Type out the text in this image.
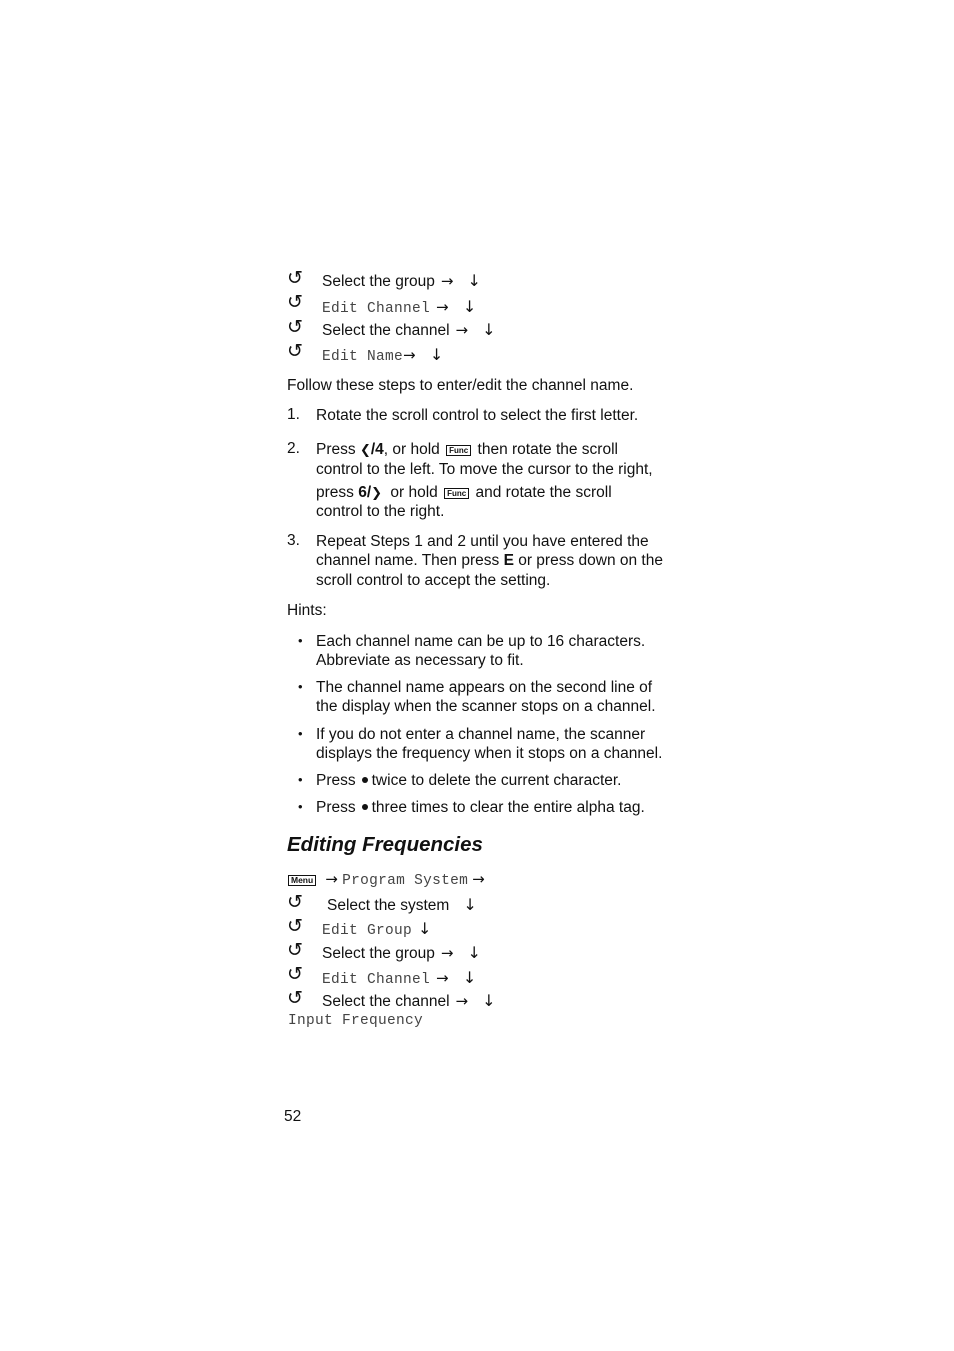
↺ Select the group → ↓
↺ Edit Channel → ↓
↺ Select the channel → ↓
↺ Edit Name→ ↓
Follow these steps to enter/edit the channel name.
1.	Rotate the scroll control to select the first letter.
2.	Press ❮/4, or hold Func then rotate the scroll
control to the left. To move the cursor to the right,
press 6/❯ or hold Func and rotate the scroll
control to the right.
3.	Repeat Steps 1 and 2 until you have entered the
channel name. Then press E or press down on the
scroll control to accept the setting.
Hints:
• Each channel name can be up to 16 characters.
Abbreviate as necessary to fit.
• The channel name appears on the second line of
the display when the scanner stops on a channel.
• If you do not enter a channel name, the scanner
displays the frequency when it stops on a channel.
• Press twice to delete the current character.
• Press three times to clear the entire alpha tag.
Editing Frequencies
Menu → Program System →
↺ Select the system ↓
↺ Edit Group ↓
↺ Select the group → ↓
↺ Edit Channel → ↓
↺ Select the channel → ↓
Input Frequency
52
